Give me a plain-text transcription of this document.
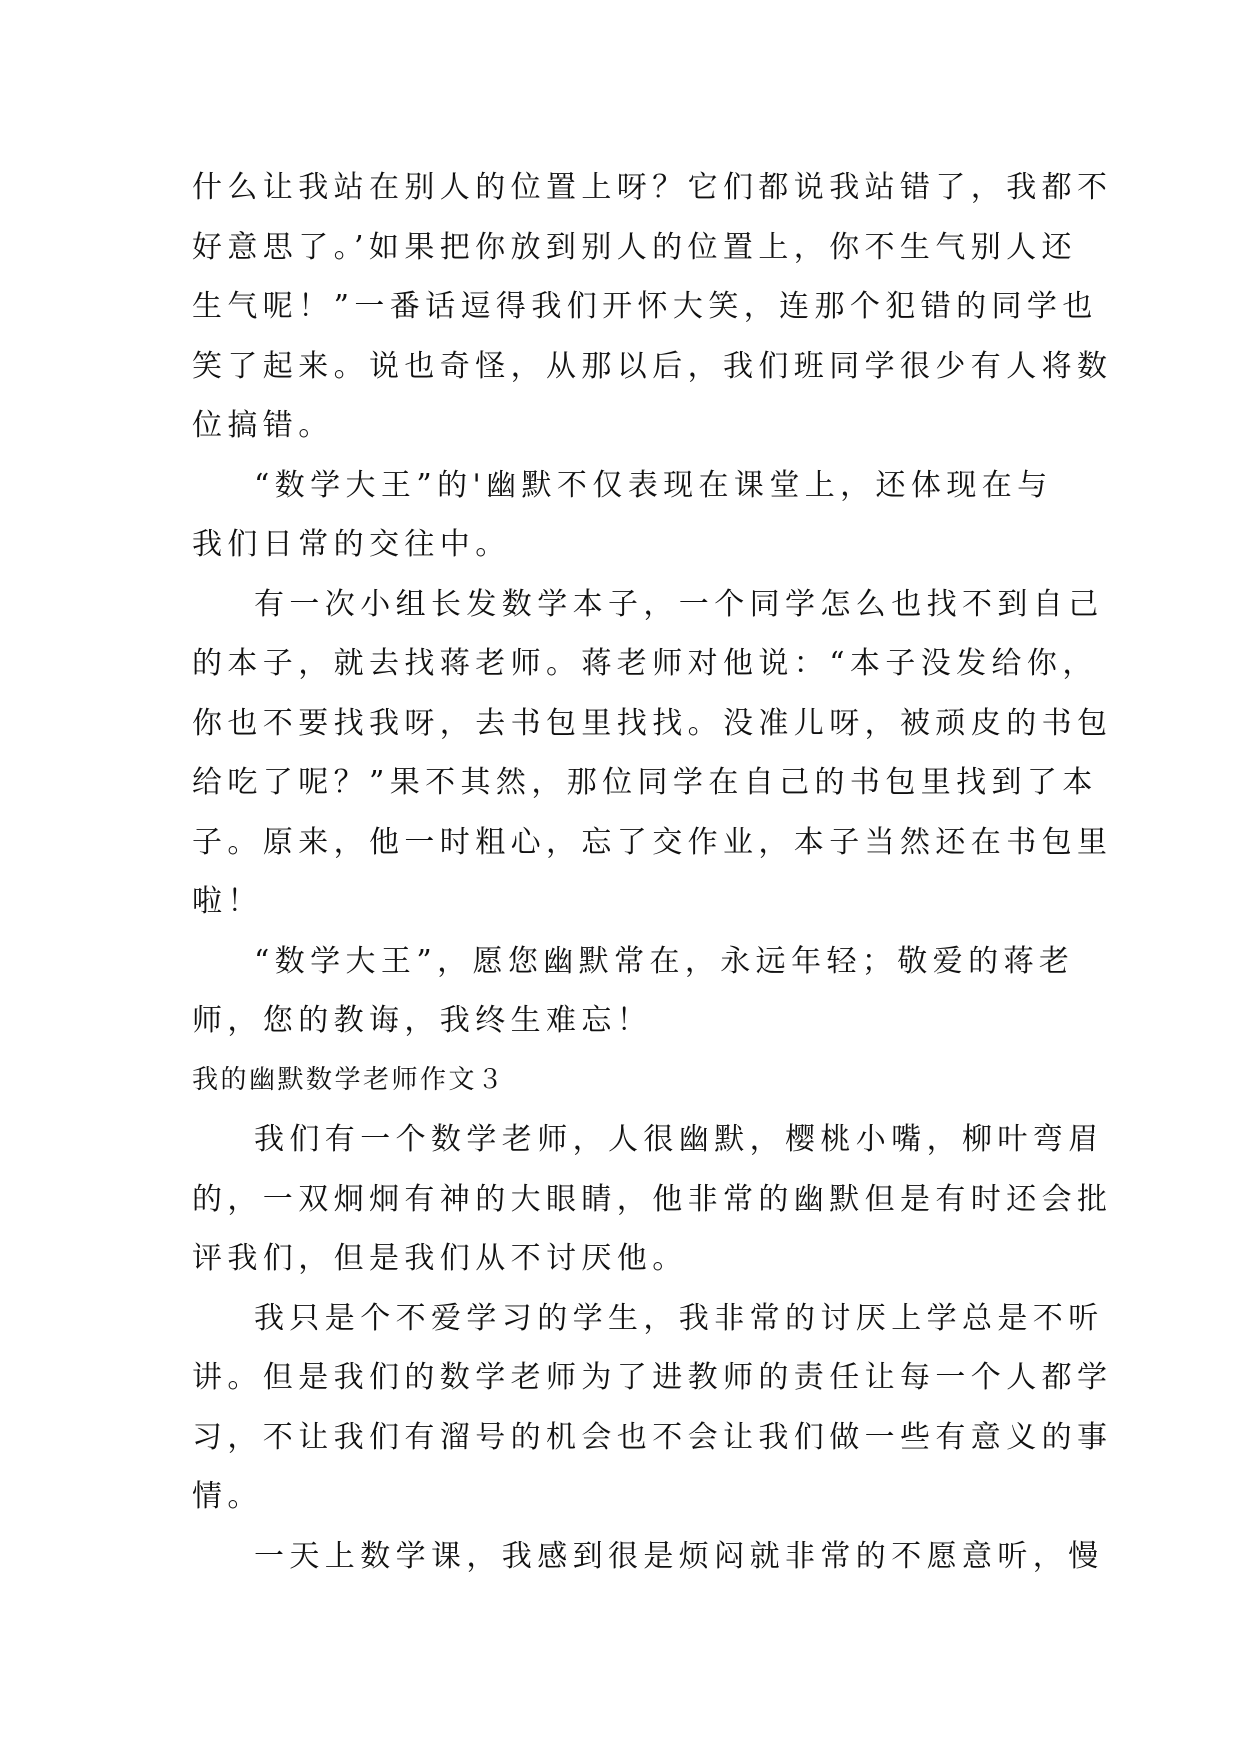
什么让我站在别人的位置上呀？它们都说我站错了，我都不
好意思了。’如果把你放到别人的位置上，你不生气别人还
生气呢！”一番话逗得我们开怀大笑，连那个犯错的同学也
笑了起来。说也奇怪，从那以后，我们班同学很少有人将数
位搞错。
“数学大王”的'幽默不仅表现在课堂上，还体现在与
我们日常的交往中。
有一次小组长发数学本子，一个同学怎么也找不到自己
的本子，就去找蒋老师。蒋老师对他说：“本子没发给你，
你也不要找我呀，去书包里找找。没准儿呀，被顽皮的书包
给吃了呢？”果不其然，那位同学在自己的书包里找到了本
子。原来，他一时粗心，忘了交作业，本子当然还在书包里
啦！
“数学大王”，愿您幽默常在，永远年轻；敬爱的蒋老
师，您的教诲，我终生难忘！
我的幽默数学老师作文３
我们有一个数学老师，人很幽默，樱桃小嘴，柳叶弯眉
的，一双炯炯有神的大眼睛，他非常的幽默但是有时还会批
评我们，但是我们从不讨厌他。
我只是个不爱学习的学生，我非常的讨厌上学总是不听
讲。但是我们的数学老师为了进教师的责任让每一个人都学
习，不让我们有溜号的机会也不会让我们做一些有意义的事
情。
一天上数学课，我感到很是烦闷就非常的不愿意听，慢
